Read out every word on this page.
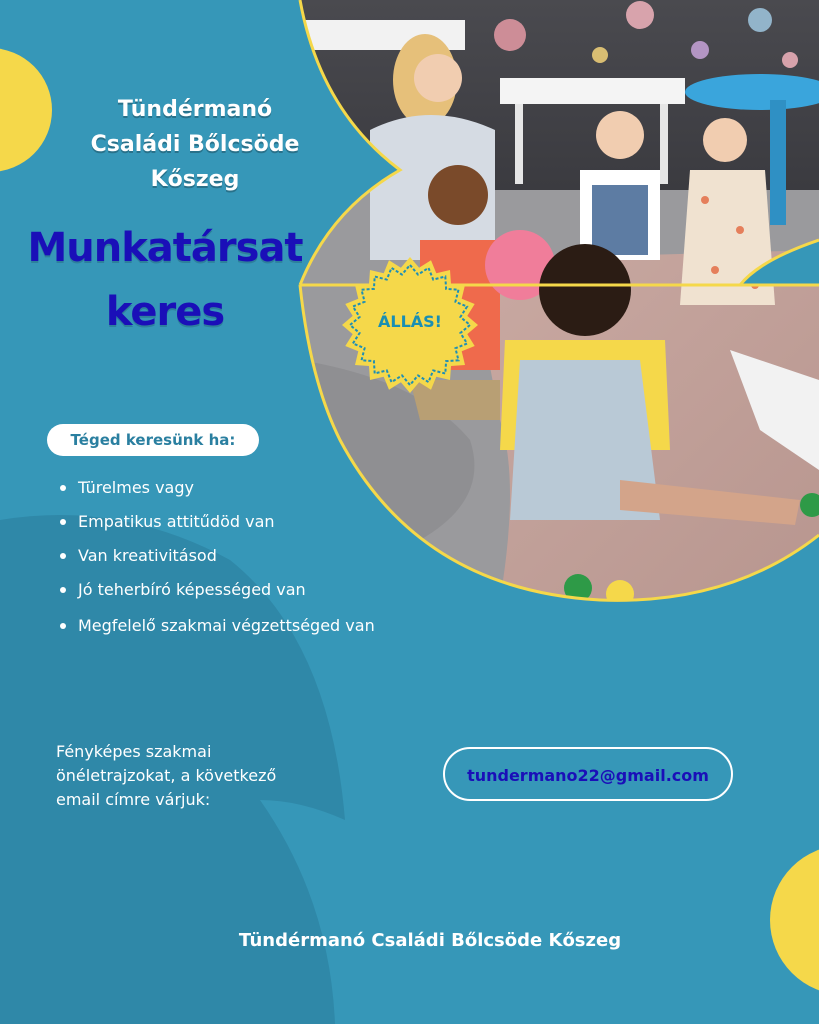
ÁLLÁS!
Tündérmanó
Családi Bőlcsöde
Kőszeg
Munkatársat
keres
Téged keresünk ha:
Türelmes vagy
Empatikus attitűdöd van
Van kreativitásod
Jó teherbíró képességed van
Megfelelő szakmai végzettséged van
Fényképes szakmai
önéletrajzokat, a következő
email címre várjuk:
tundermano22@gmail.com
Tündérmanó Családi Bőlcsöde Kőszeg
